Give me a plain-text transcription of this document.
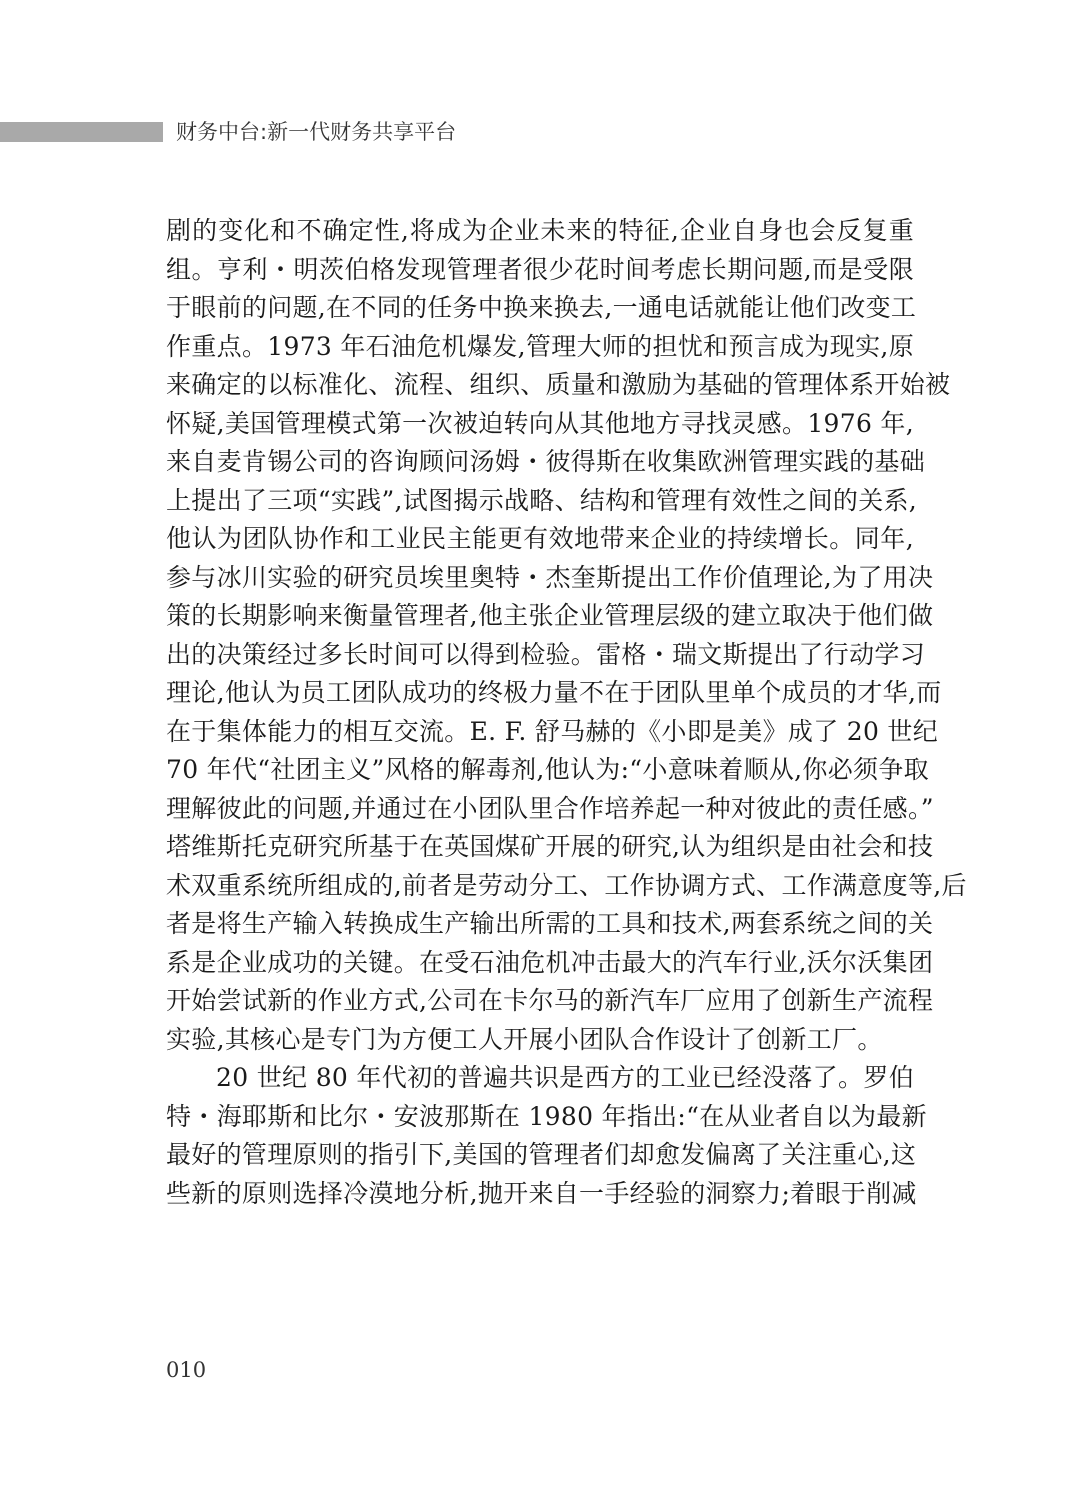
财务中台:新一代财务共享平台
剧的变化和不确定性,将成为企业未来的特征,企业自身也会反复重
组。亨利・明茨伯格发现管理者很少花时间考虑长期问题,而是受限
于眼前的问题,在不同的任务中换来换去,一通电话就能让他们改变工
作重点。1973 年石油危机爆发,管理大师的担忧和预言成为现实,原
来确定的以标准化、流程、组织、质量和激励为基础的管理体系开始被
怀疑,美国管理模式第一次被迫转向从其他地方寻找灵感。1976 年,
来自麦肯锡公司的咨询顾问汤姆・彼得斯在收集欧洲管理实践的基础
上提出了三项“实践”,试图揭示战略、结构和管理有效性之间的关系,
他认为团队协作和工业民主能更有效地带来企业的持续增长。同年,
参与冰川实验的研究员埃里奥特・杰奎斯提出工作价值理论,为了用决
策的长期影响来衡量管理者,他主张企业管理层级的建立取决于他们做
出的决策经过多长时间可以得到检验。雷格・瑞文斯提出了行动学习
理论,他认为员工团队成功的终极力量不在于团队里单个成员的才华,而
在于集体能力的相互交流。E. F. 舒马赫的《小即是美》成了 20 世纪
70 年代“社团主义”风格的解毒剂,他认为:“小意味着顺从,你必须争取
理解彼此的问题,并通过在小团队里合作培养起一种对彼此的责任感。”
塔维斯托克研究所基于在英国煤矿开展的研究,认为组织是由社会和技
术双重系统所组成的,前者是劳动分工、工作协调方式、工作满意度等,后
者是将生产输入转换成生产输出所需的工具和技术,两套系统之间的关
系是企业成功的关键。在受石油危机冲击最大的汽车行业,沃尔沃集团
开始尝试新的作业方式,公司在卡尔马的新汽车厂应用了创新生产流程
实验,其核心是专门为方便工人开展小团队合作设计了创新工厂。
20 世纪 80 年代初的普遍共识是西方的工业已经没落了。罗伯
特・海耶斯和比尔・安波那斯在 1980 年指出:“在从业者自以为最新
最好的管理原则的指引下,美国的管理者们却愈发偏离了关注重心,这
些新的原则选择冷漠地分析,抛开来自一手经验的洞察力;着眼于削减
010
